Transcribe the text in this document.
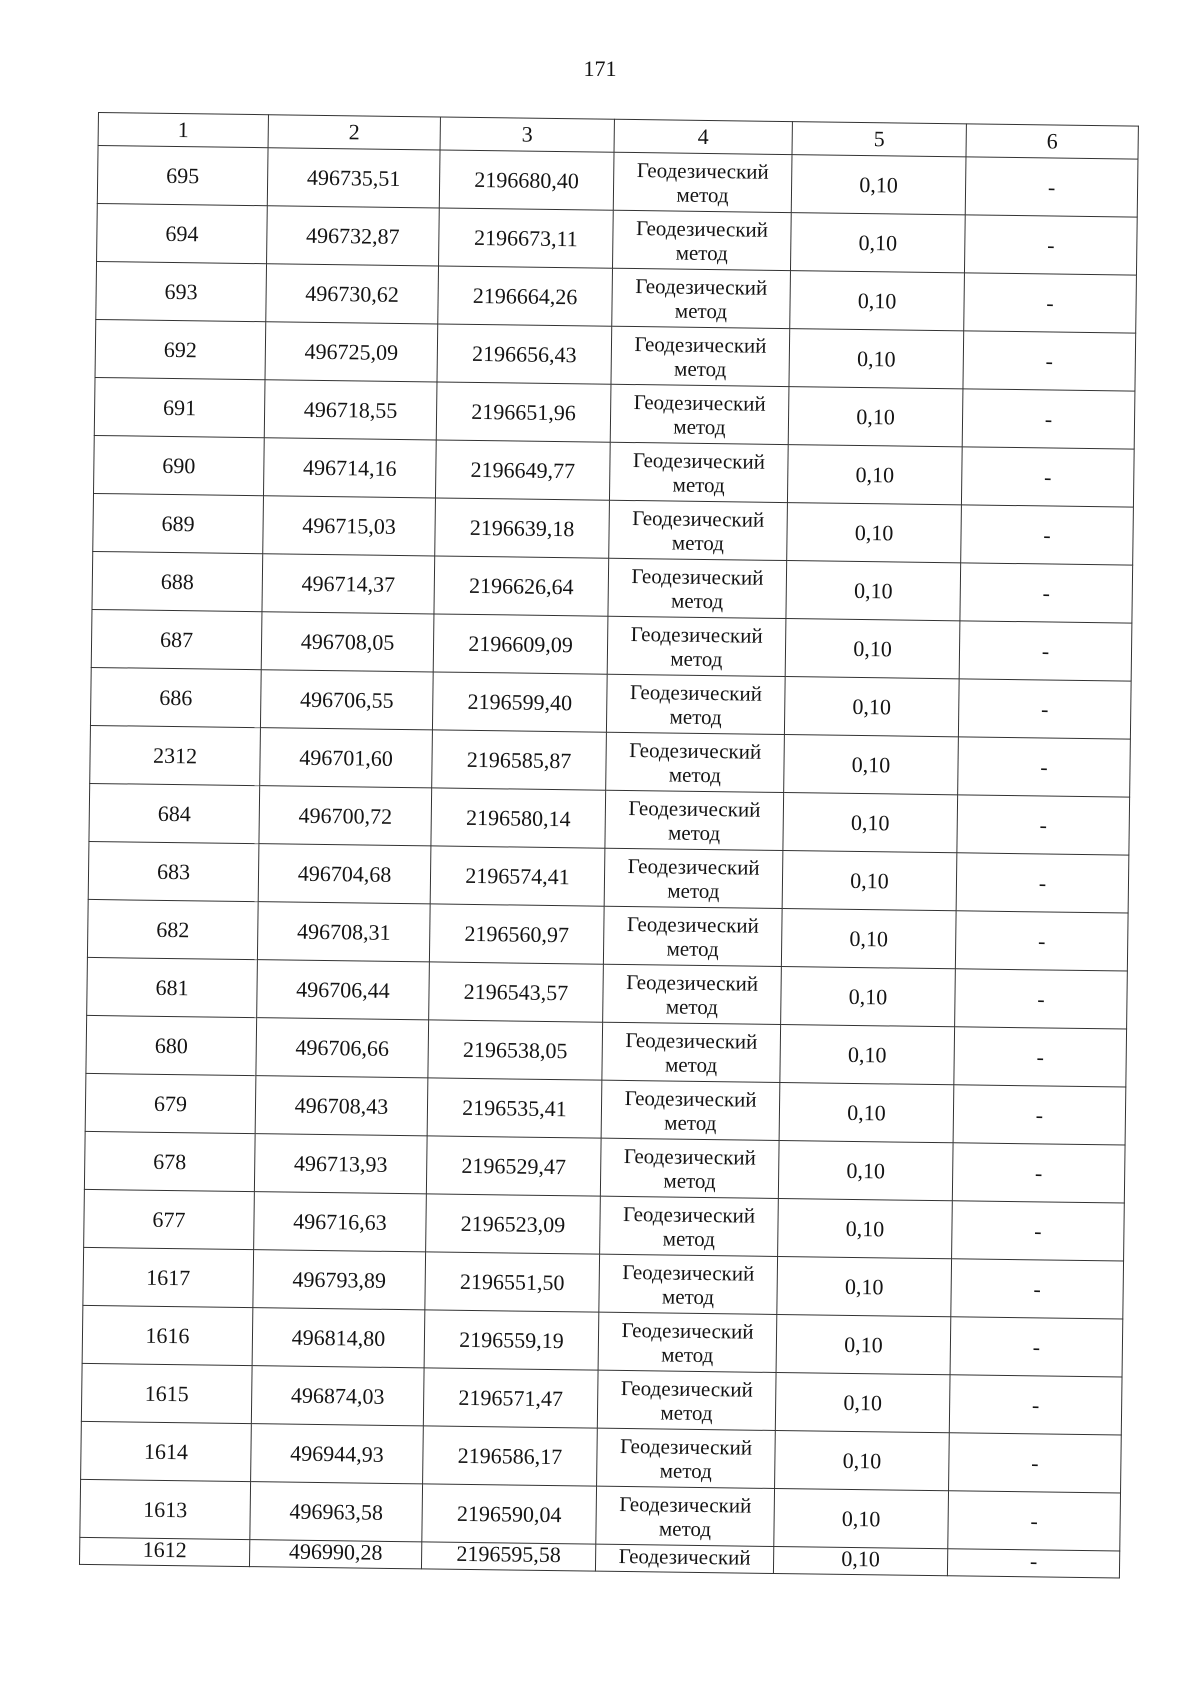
171
1	2	3	4	5	6
695	496735,51	2196680,40	Геодезический метод	0,10	-
694	496732,87	2196673,11	Геодезический метод	0,10	-
693	496730,62	2196664,26	Геодезический метод	0,10	-
692	496725,09	2196656,43	Геодезический метод	0,10	-
691	496718,55	2196651,96	Геодезический метод	0,10	-
690	496714,16	2196649,77	Геодезический метод	0,10	-
689	496715,03	2196639,18	Геодезический метод	0,10	-
688	496714,37	2196626,64	Геодезический метод	0,10	-
687	496708,05	2196609,09	Геодезический метод	0,10	-
686	496706,55	2196599,40	Геодезический метод	0,10	-
2312	496701,60	2196585,87	Геодезический метод	0,10	-
684	496700,72	2196580,14	Геодезический метод	0,10	-
683	496704,68	2196574,41	Геодезический метод	0,10	-
682	496708,31	2196560,97	Геодезический метод	0,10	-
681	496706,44	2196543,57	Геодезический метод	0,10	-
680	496706,66	2196538,05	Геодезический метод	0,10	-
679	496708,43	2196535,41	Геодезический метод	0,10	-
678	496713,93	2196529,47	Геодезический метод	0,10	-
677	496716,63	2196523,09	Геодезический метод	0,10	-
1617	496793,89	2196551,50	Геодезический метод	0,10	-
1616	496814,80	2196559,19	Геодезический метод	0,10	-
1615	496874,03	2196571,47	Геодезический метод	0,10	-
1614	496944,93	2196586,17	Геодезический метод	0,10	-
1613	496963,58	2196590,04	Геодезический метод	0,10	-
1612	496990,28	2196595,58	Геодезический	0,10	-
